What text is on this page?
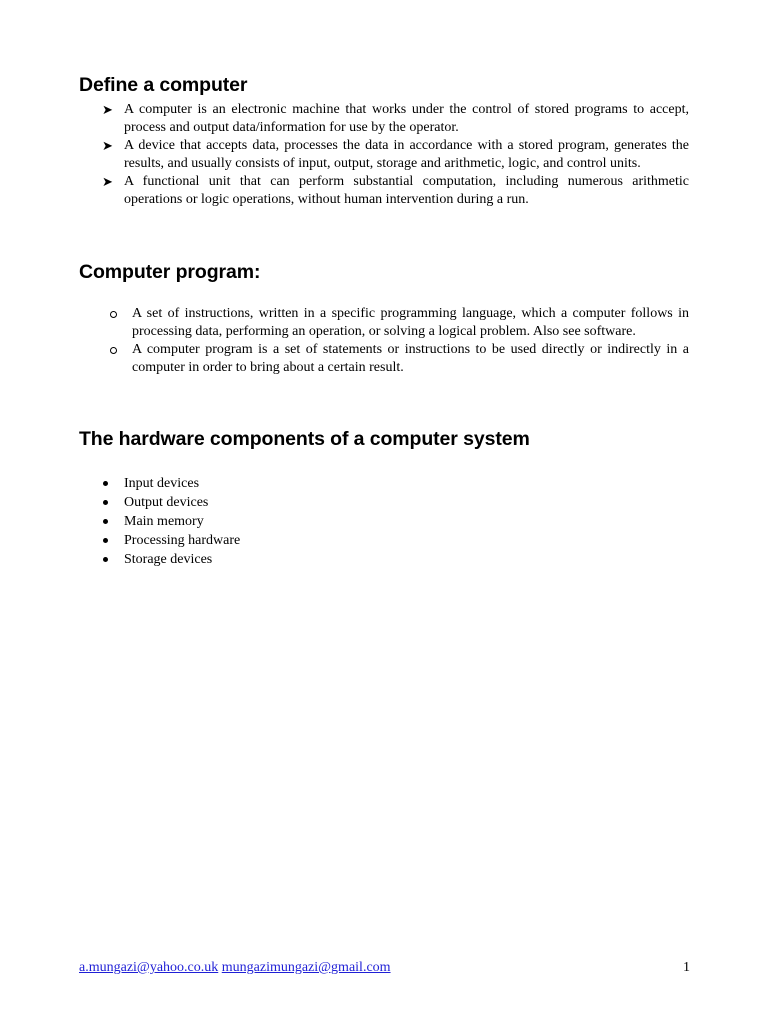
Define a computer
➤ A computer is an electronic machine that works under the control of stored programs to accept, process and output data/information for use by the operator.
➤ A device that accepts data, processes the data in accordance with a stored program, generates the results, and usually consists of input, output, storage and arithmetic, logic, and control units.
➤ A functional unit that can perform substantial computation, including numerous arithmetic operations or logic operations, without human intervention during a run.
Computer program:
A set of instructions, written in a specific programming language, which a computer follows in processing data, performing an operation, or solving a logical problem. Also see software.
A computer program is a set of statements or instructions to be used directly or indirectly in a computer in order to bring about a certain result.
The hardware components of a computer system
Input devices
Output devices
Main memory
Processing hardware
Storage devices
a.mungazi@yahoo.co.uk mungazimungazi@gmail.com	1
